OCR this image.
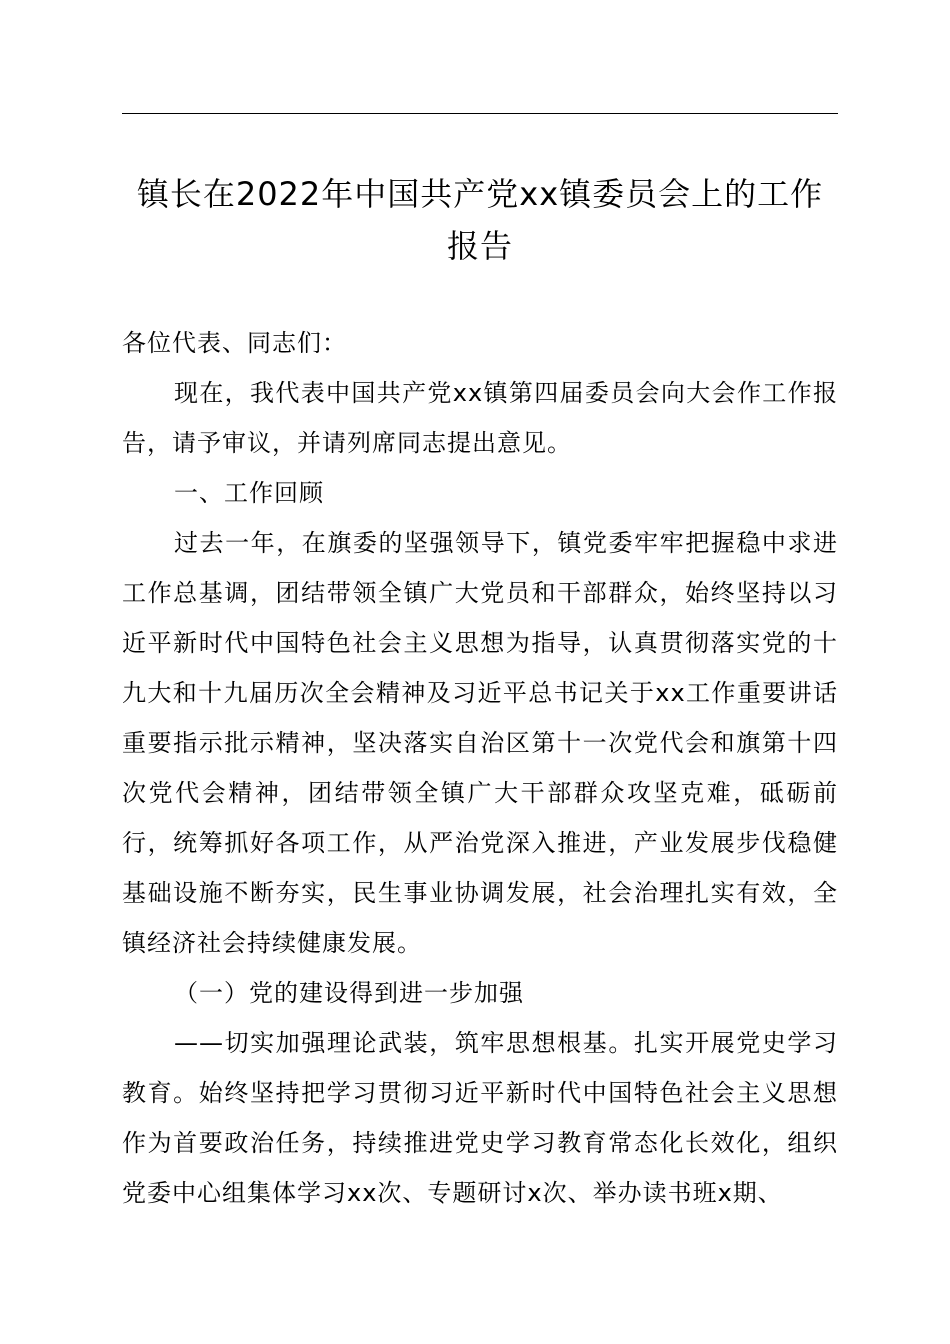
镇长在2022年中国共产党xx镇委员会上的工作报告

各位代表、同志们：

现在，我代表中国共产党xx镇第四届委员会向大会作工作报告，请予审议，并请列席同志提出意见。

一、工作回顾

过去一年，在旗委的坚强领导下，镇党委牢牢把握稳中求进工作总基调，团结带领全镇广大党员和干部群众，始终坚持以习近平新时代中国特色社会主义思想为指导，认真贯彻落实党的十九大和十九届历次全会精神及习近平总书记关于xx工作重要讲话重要指示批示精神，坚决落实自治区第十一次党代会和旗第十四次党代会精神，团结带领全镇广大干部群众攻坚克难，砥砺前行，统筹抓好各项工作，从严治党深入推进，产业发展步伐稳健基础设施不断夯实，民生事业协调发展，社会治理扎实有效，全镇经济社会持续健康发展。

（一）党的建设得到进一步加强

——切实加强理论武装，筑牢思想根基。扎实开展党史学习教育。始终坚持把学习贯彻习近平新时代中国特色社会主义思想作为首要政治任务，持续推进党史学习教育常态化长效化，组织党委中心组集体学习xx次、专题研讨x次、举办读书班x期、
